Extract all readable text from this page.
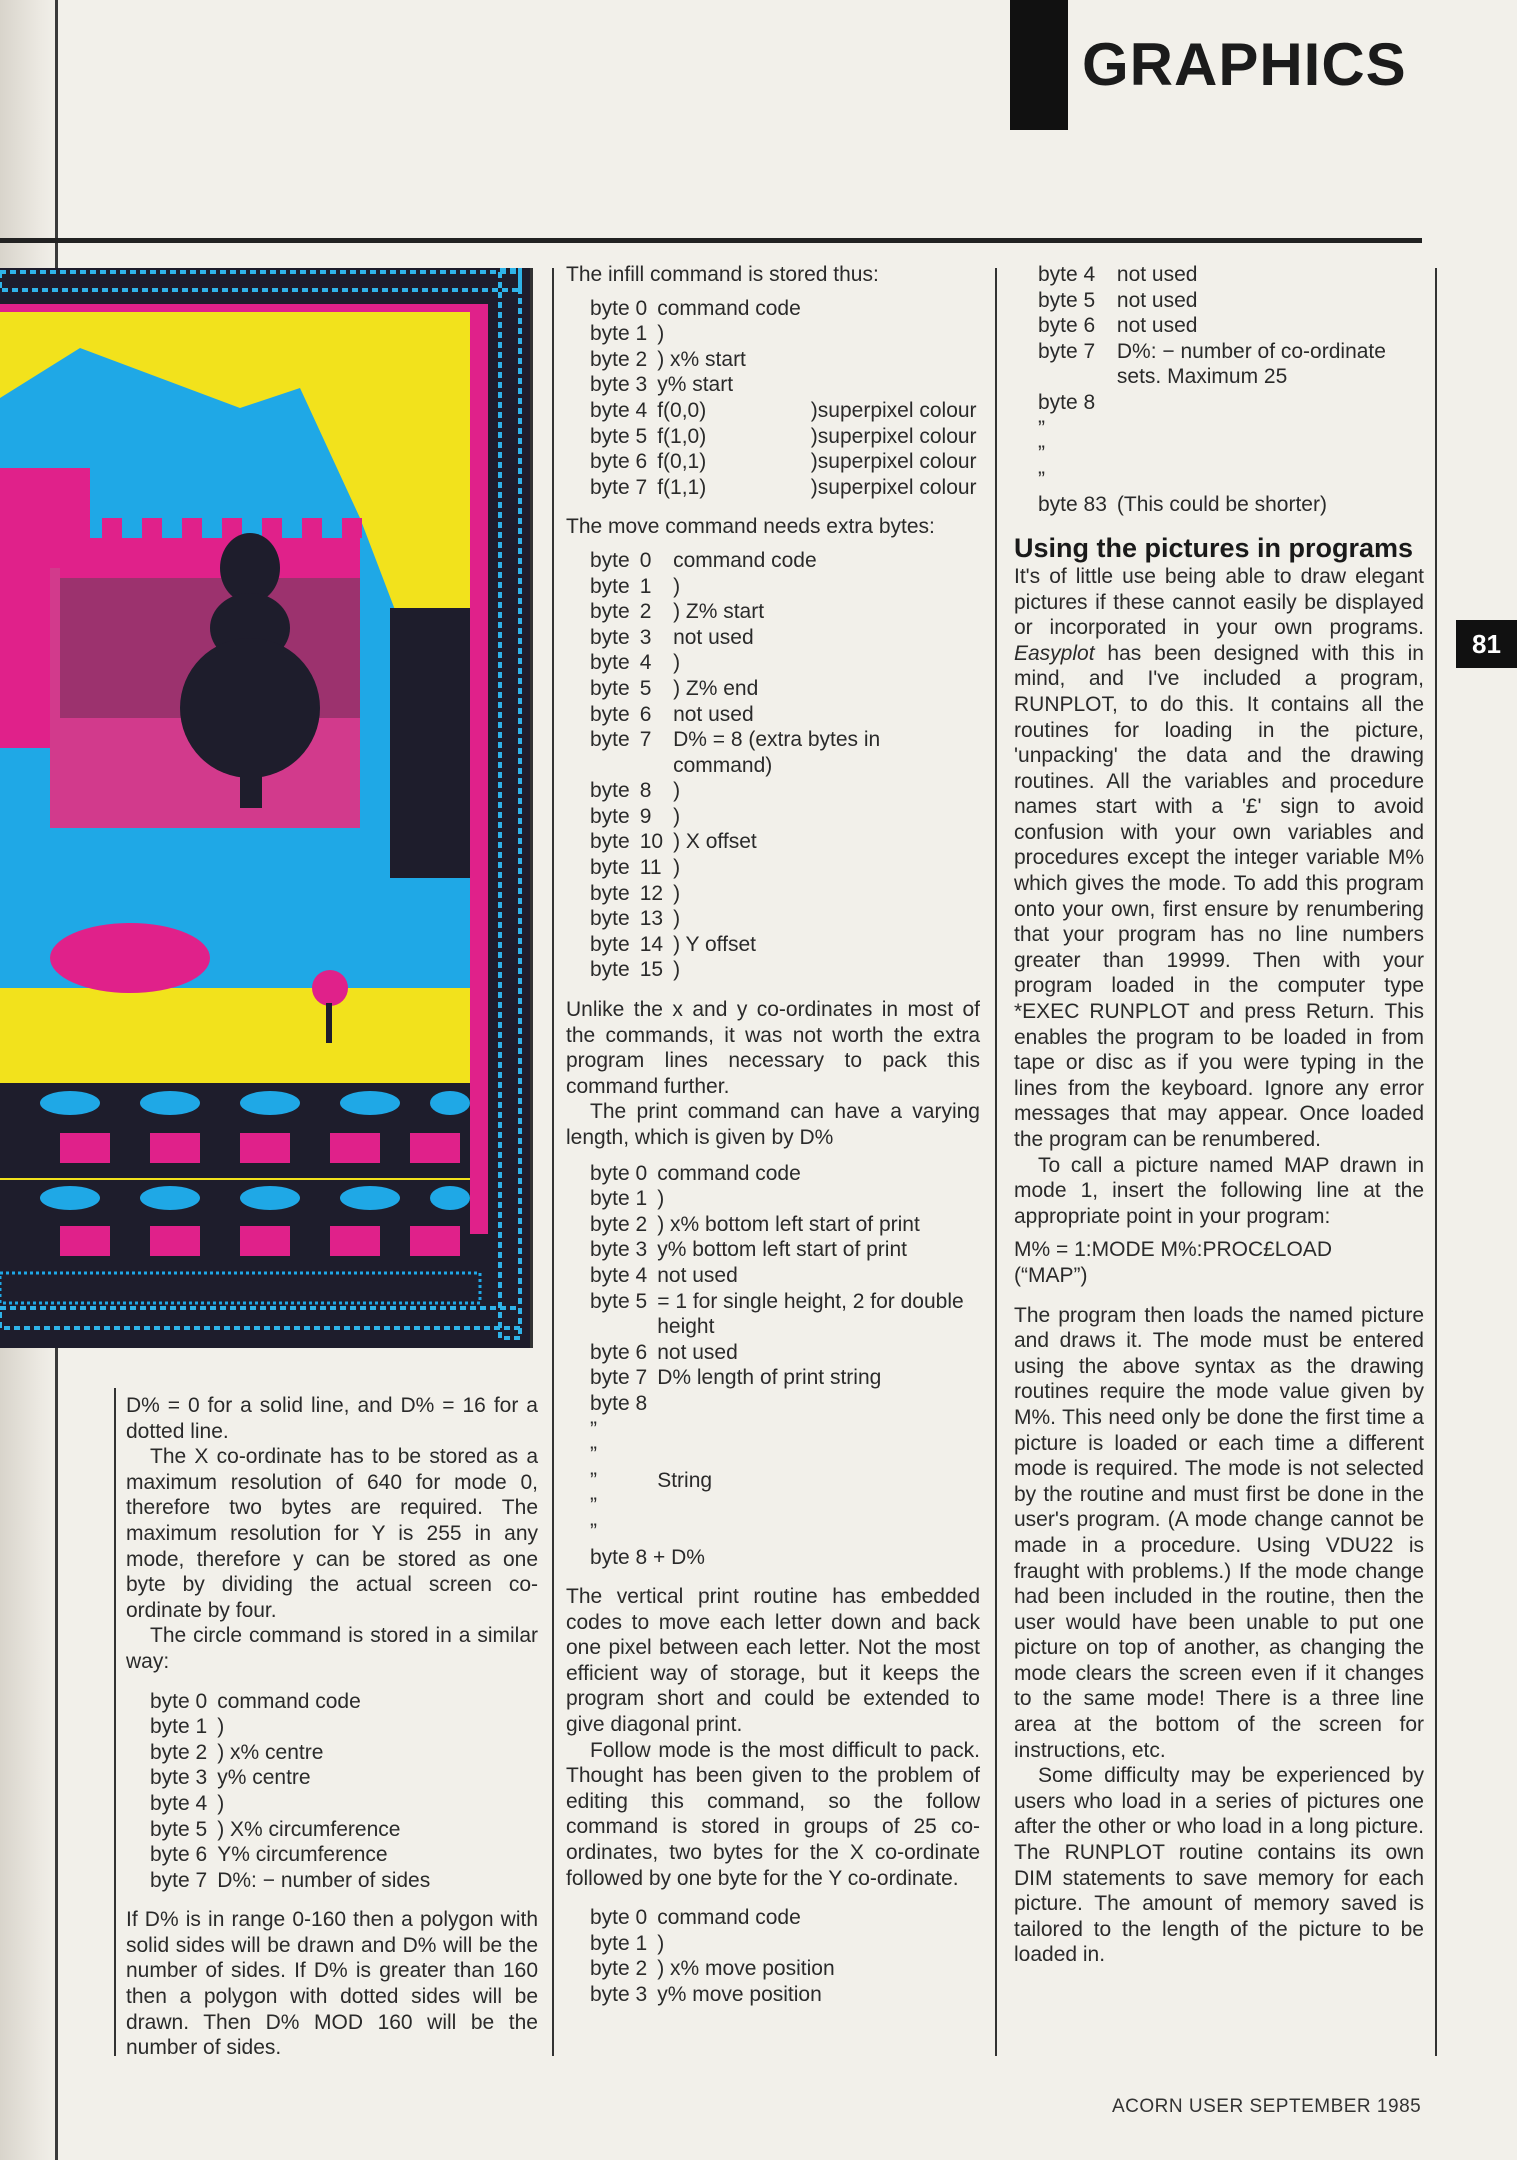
GRAPHICS
81

D% = 0 for a solid line, and D% = 16 for a dotted line.

The X co-ordinate has to be stored as a maximum resolution of 640 for mode 0, therefore two bytes are required. The maximum resolution for Y is 255 in any mode, therefore y can be stored as one byte by dividing the actual screen co-ordinate by four.

The circle command is stored in a similar way:

byte 0	command code
byte 1	)
byte 2	) x% centre
byte 3	y% centre
byte 4	)
byte 5	) X% circumference
byte 6	Y% circumference
byte 7	D%: − number of sides

If D% is in range 0-160 then a polygon with solid sides will be drawn and D% will be the number of sides. If D% is greater than 160 then a polygon with dotted sides will be drawn. Then D% MOD 160 will be the number of sides.

The infill command is stored thus:

byte 0	command code	
byte 1	)	
byte 2	) x% start	
byte 3	y% start	
byte 4	f(0,0)	)superpixel colour
byte 5	f(1,0)	)superpixel colour
byte 6	f(0,1)	)superpixel colour
byte 7	f(1,1)	)superpixel colour

The move command needs extra bytes:

byte	0	command code
byte	1	)
byte	2	) Z% start
byte	3	not used
byte	4	)
byte	5	) Z% end
byte	6	not used
byte	7	D% = 8 (extra bytes in command)
byte	8	)
byte	9	)
byte	10	) X offset
byte	11	)
byte	12	)
byte	13	)
byte	14	) Y offset
byte	15	)

Unlike the x and y co-ordinates in most of the commands, it was not worth the extra program lines necessary to pack this command further.

The print command can have a varying length, which is given by D%

byte 0	command code
byte 1	)
byte 2	) x% bottom left start of print
byte 3	y% bottom left start of print
byte 4	not used
byte 5	= 1 for single height, 2 for double height
byte 6	not used
byte 7	D% length of print string
byte 8	
”	
”	
”	String
”	
”	

byte 8 + D%

The vertical print routine has embedded codes to move each letter down and back one pixel between each letter. Not the most efficient way of storage, but it keeps the program short and could be extended to give diagonal print.

Follow mode is the most difficult to pack. Thought has been given to the problem of editing this command, so the follow command is stored in groups of 25 co-ordinates, two bytes for the X co-ordinate followed by one byte for the Y co-ordinate.

byte 0	command code
byte 1	)
byte 2	) x% move position
byte 3	y% move position
byte 4	not used
byte 5	not used
byte 6	not used
byte 7	D%: − number of co-ordinate sets. Maximum 25
byte 8	
”	
”	
”	
byte 83	(This could be shorter)

Using the pictures in programs

It's of little use being able to draw elegant pictures if these cannot easily be displayed or incorporated in your own programs. Easyplot has been designed with this in mind, and I've included a program, RUNPLOT, to do this. It contains all the routines for loading in the picture, 'unpacking' the data and the drawing routines. All the variables and procedure names start with a '£' sign to avoid confusion with your own variables and procedures except the integer variable M% which gives the mode. To add this program onto your own, first ensure by renumbering that your program has no line numbers greater than 19999. Then with your program loaded in the computer type *EXEC RUNPLOT and press Return. This enables the program to be loaded in from tape or disc as if you were typing in the lines from the keyboard. Ignore any error messages that may appear. Once loaded the program can be renumbered.

To call a picture named MAP drawn in mode 1, insert the following line at the appropriate point in your program:

M% = 1:MODE M%:PROC£LOAD

(“MAP”)

The program then loads the named picture and draws it. The mode must be entered using the above syntax as the drawing routines require the mode value given by M%. This need only be done the first time a picture is loaded or each time a different mode is required. The mode is not selected by the routine and must first be done in the user's program. (A mode change cannot be made in a procedure. Using VDU22 is fraught with problems.) If the mode change had been included in the routine, then the user would have been unable to put one picture on top of another, as changing the mode clears the screen even if it changes to the same mode! There is a three line area at the bottom of the screen for instructions, etc.

Some difficulty may be experienced by users who load in a series of pictures one after the other or who load in a long picture. The RUNPLOT routine contains its own DIM statements to save memory for each picture. The amount of memory saved is tailored to the length of the picture to be loaded in.

ACORN USER SEPTEMBER 1985
